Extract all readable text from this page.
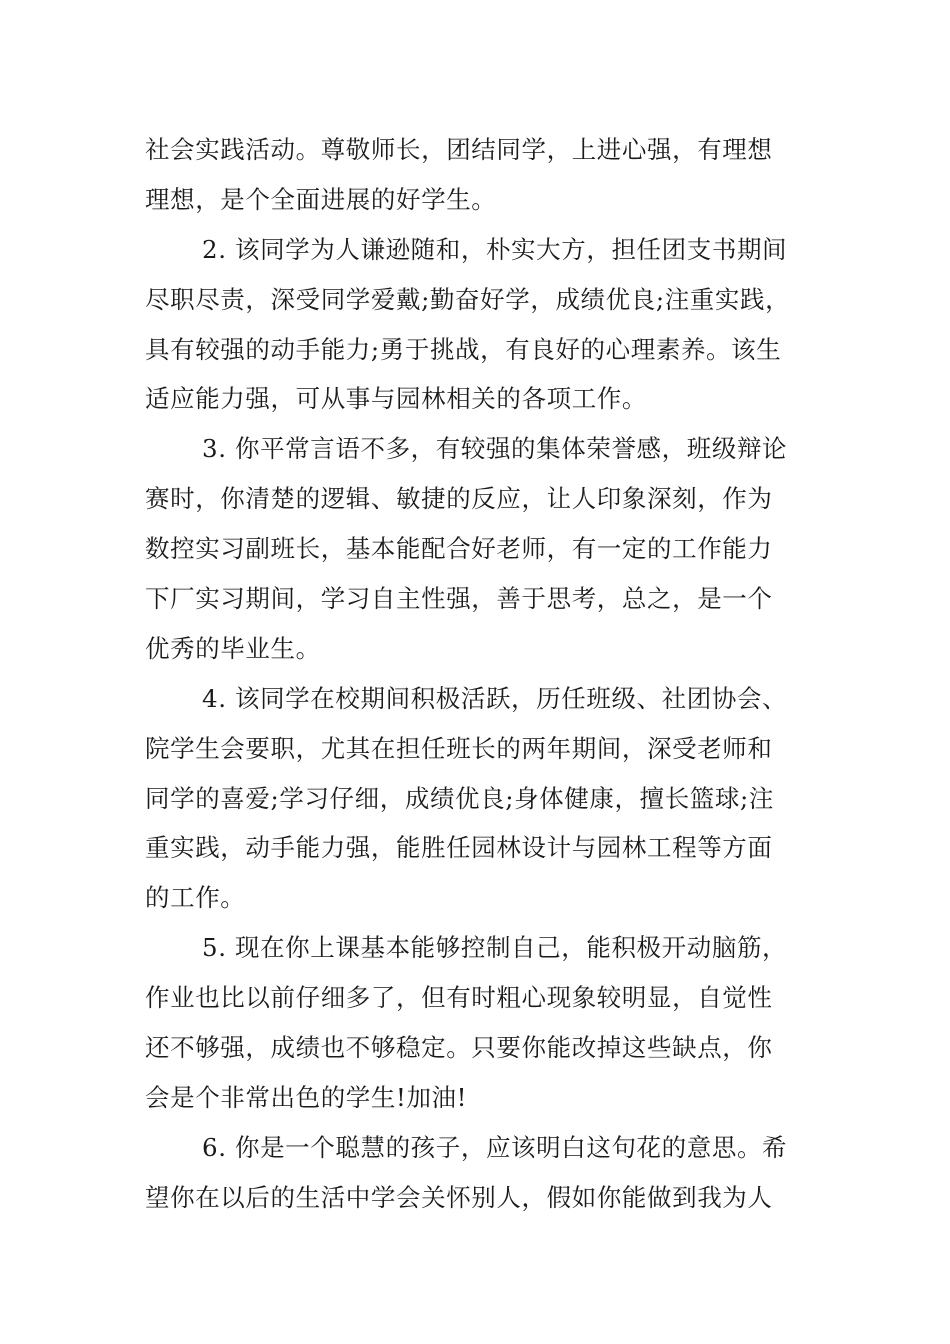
社会实践活动。尊敬师长，团结同学，上进心强，有理想
理想，是个全面进展的好学生。
2. 该同学为人谦逊随和，朴实大方，担任团支书期间
尽职尽责，深受同学爱戴;勤奋好学，成绩优良;注重实践，
具有较强的动手能力;勇于挑战，有良好的心理素养。该生
适应能力强，可从事与园林相关的各项工作。
3. 你平常言语不多，有较强的集体荣誉感，班级辩论
赛时，你清楚的逻辑、敏捷的反应，让人印象深刻，作为
数控实习副班长，基本能配合好老师，有一定的工作能力
下厂实习期间，学习自主性强，善于思考，总之，是一个
优秀的毕业生。
4. 该同学在校期间积极活跃，历任班级、社团协会、
院学生会要职，尤其在担任班长的两年期间，深受老师和
同学的喜爱;学习仔细，成绩优良;身体健康，擅长篮球;注
重实践，动手能力强，能胜任园林设计与园林工程等方面
的工作。
5. 现在你上课基本能够控制自己，能积极开动脑筋，
作业也比以前仔细多了，但有时粗心现象较明显，自觉性
还不够强，成绩也不够稳定。只要你能改掉这些缺点，你
会是个非常出色的学生!加油!
6. 你是一个聪慧的孩子，应该明白这句花的意思。希
望你在以后的生活中学会关怀别人，假如你能做到我为人
